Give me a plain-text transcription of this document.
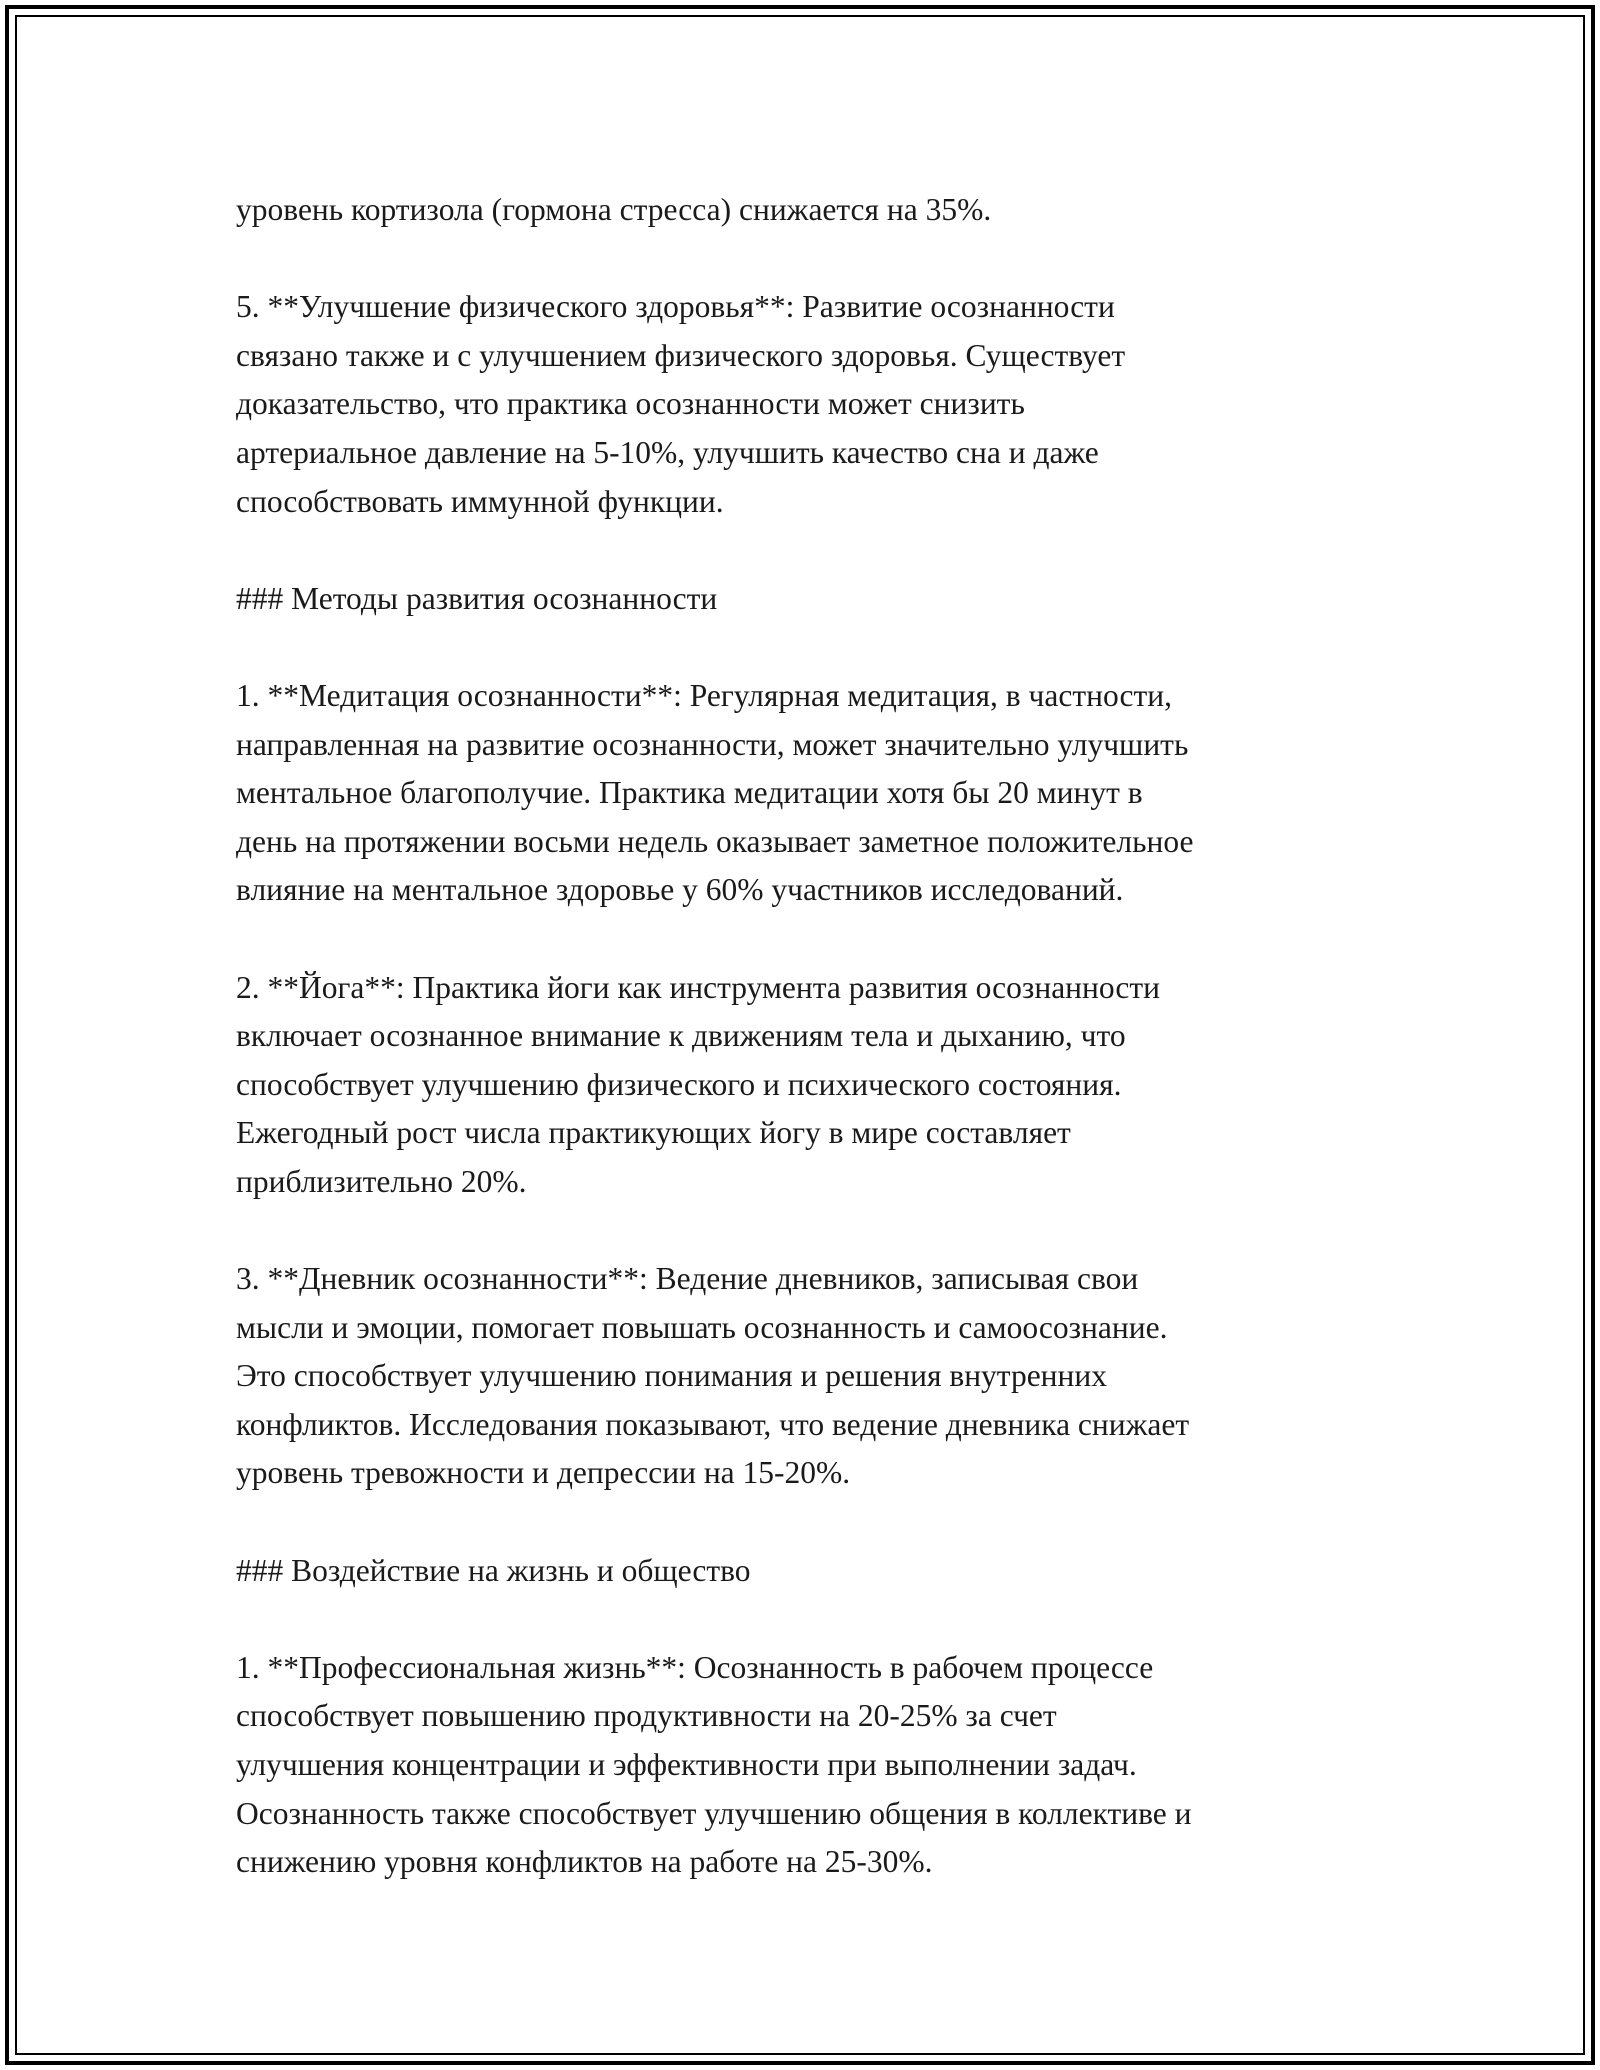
уровень кортизола (гормона стресса) снижается на 35%.

5. **Улучшение физического здоровья**: Развитие осознанности
связано также и с улучшением физического здоровья. Существует
доказательство, что практика осознанности может снизить
артериальное давление на 5-10%, улучшить качество сна и даже
способствовать иммунной функции.

### Методы развития осознанности

1. **Медитация осознанности**: Регулярная медитация, в частности,
направленная на развитие осознанности, может значительно улучшить
ментальное благополучие. Практика медитации хотя бы 20 минут в
день на протяжении восьми недель оказывает заметное положительное
влияние на ментальное здоровье у 60% участников исследований.

2. **Йога**: Практика йоги как инструмента развития осознанности
включает осознанное внимание к движениям тела и дыханию, что
способствует улучшению физического и психического состояния.
Ежегодный рост числа практикующих йогу в мире составляет
приблизительно 20%.

3. **Дневник осознанности**: Ведение дневников, записывая свои
мысли и эмоции, помогает повышать осознанность и самоосознание.
Это способствует улучшению понимания и решения внутренних
конфликтов. Исследования показывают, что ведение дневника снижает
уровень тревожности и депрессии на 15-20%.

### Воздействие на жизнь и общество

1. **Профессиональная жизнь**: Осознанность в рабочем процессе
способствует повышению продуктивности на 20-25% за счет
улучшения концентрации и эффективности при выполнении задач.
Осознанность также способствует улучшению общения в коллективе и
снижению уровня конфликтов на работе на 25-30%.
